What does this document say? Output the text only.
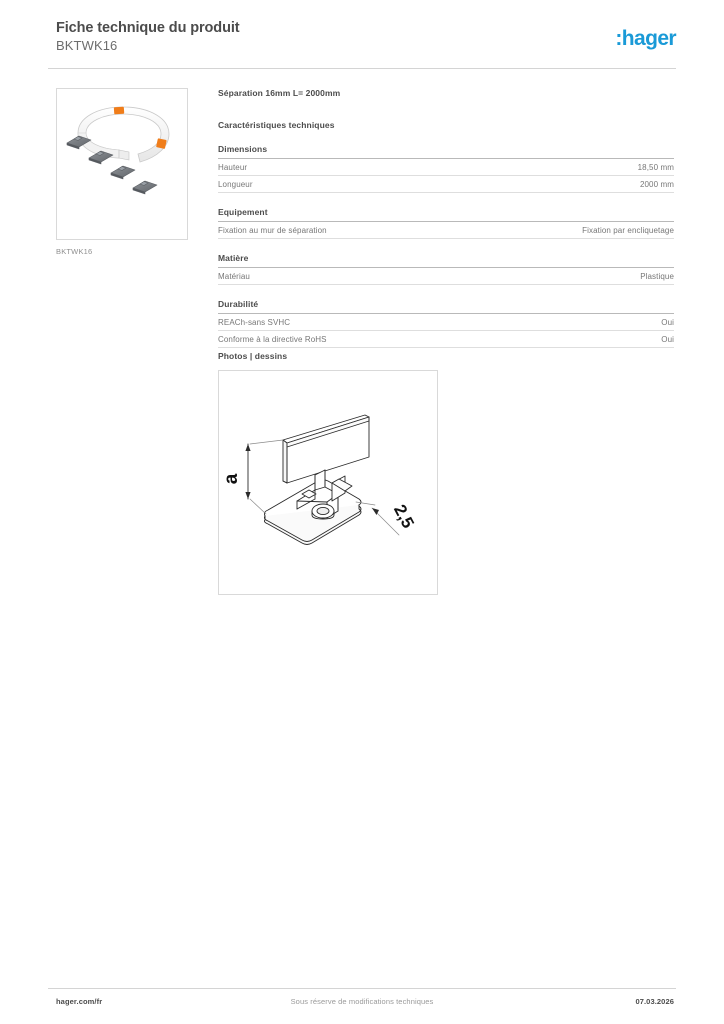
Fiche technique du produit
BKTWK16	:hager
BKTWK16
Séparation 16mm L= 2000mm
Caractéristiques techniques
Dimensions
Hauteur	18,50 mm
Longueur	2000 mm
Equipement
Fixation au mur de séparation	Fixation par encliquetage
Matière
Matériau	Plastique
Durabilité
REACh-sans SVHC	Oui
Conforme à la directive RoHS	Oui
Photos | dessins
a
2,5
hager.com/fr	Sous réserve de modifications techniques	07.03.2026
